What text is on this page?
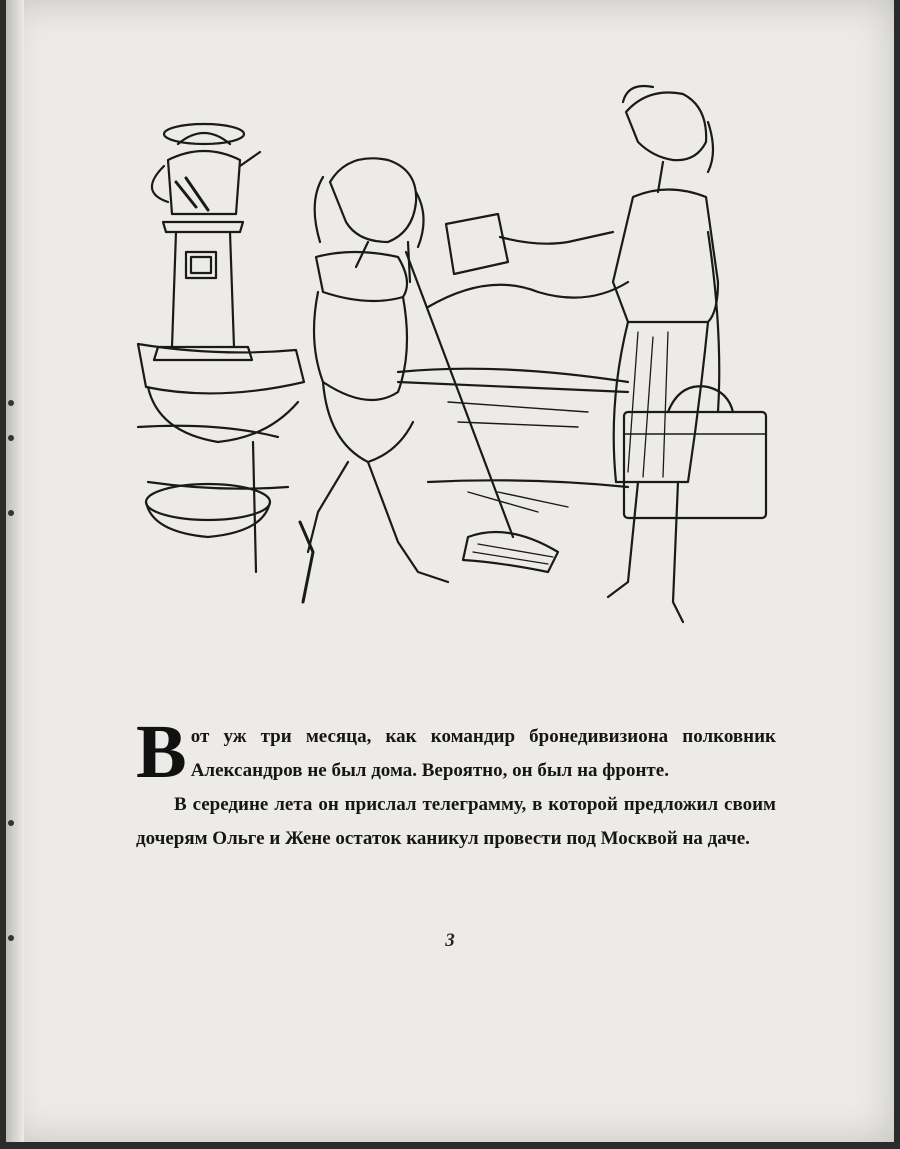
Вот уж три месяца, как командир бронедивизиона полковник Александров не был дома. Вероятно, он был на фронте.

В середине лета он прислал телеграмму, в которой предложил своим дочерям Ольге и Жене остаток каникул провести под Москвой на даче.

3
